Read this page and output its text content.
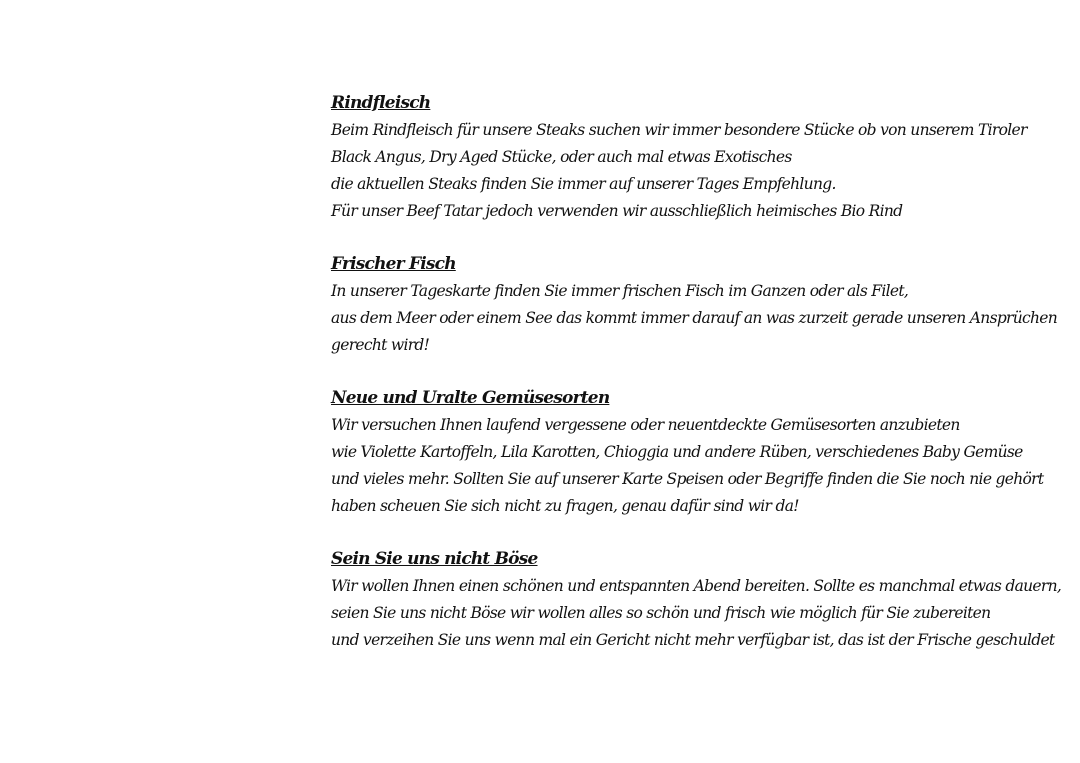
Rindfleisch
Beim Rindfleisch für unsere Steaks suchen wir immer besondere Stücke ob von unserem Tiroler
Black Angus, Dry Aged Stücke, oder auch mal etwas Exotisches
die aktuellen Steaks finden Sie immer auf unserer Tages Empfehlung.
Für unser Beef Tatar jedoch verwenden wir ausschließlich heimisches Bio Rind
Frischer Fisch
In unserer Tageskarte finden Sie immer frischen Fisch im Ganzen oder als Filet,
aus dem Meer oder einem See das kommt immer darauf an was zurzeit gerade unseren Ansprüchen
gerecht wird!
Neue und Uralte Gemüsesorten
Wir versuchen Ihnen laufend vergessene oder neuentdeckte Gemüsesorten anzubieten
wie Violette Kartoffeln, Lila Karotten, Chioggia und andere Rüben, verschiedenes Baby Gemüse
und vieles mehr. Sollten Sie auf unserer Karte Speisen oder Begriffe finden die Sie noch nie gehört
haben scheuen Sie sich nicht zu fragen, genau dafür sind wir da!
Sein Sie uns nicht Böse
Wir wollen Ihnen einen schönen und entspannten Abend bereiten. Sollte es manchmal etwas dauern,
seien Sie uns nicht Böse wir wollen alles so schön und frisch wie möglich für Sie zubereiten
und verzeihen Sie uns wenn mal ein Gericht nicht mehr verfügbar ist, das ist der Frische geschuldet
